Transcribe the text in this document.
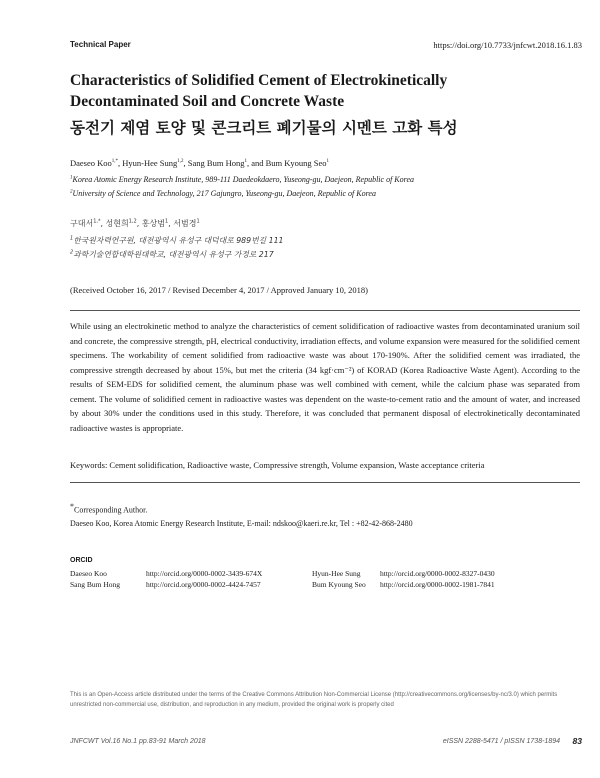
Technical Paper	https://doi.org/10.7733/jnfcwt.2018.16.1.83
Characteristics of Solidified Cement of Electrokinetically Decontaminated Soil and Concrete Waste
동전기 제염 토양 및 콘크리트 폐기물의 시멘트 고화 특성
Daeseo Koo$^{1,*}$, Hyun-Hee Sung$^{1,2}$, Sang Bum Hong$^1$, and Bum Kyoung Seo$^1$
$^1$Korea Atomic Energy Research Institute, 989-111 Daedeokdaero, Yuseong-gu, Daejeon, Republic of Korea
$^2$University of Science and Technology, 217 Gajungro, Yuseong-gu, Daejeon, Republic of Korea
구대서$^{1,*}$, 성현희$^{1,2}$, 홍상범$^1$, 서범경$^1$
$^1$한국원자력연구원, 대전광역시 유성구 대덕대로 989번길 111
$^2$과학기술연합대학원대학교, 대전광역시 유성구 가정로 217
(Received October 16, 2017 / Revised December 4, 2017 / Approved January 10, 2018)
While using an electrokinetic method to analyze the characteristics of cement solidification of radioactive wastes from decontaminated uranium soil and concrete, the compressive strength, pH, electrical conductivity, irradiation effects, and volume expansion were measured for the solidified cement specimens. The workability of cement solidified from radioactive waste was about 170-190%. After the solidified cement was irradiated, the compressive strength decreased by about 15%, but met the criteria (34 kgf·cm⁻²) of KORAD (Korea Radioactive Waste Agent). According to the results of SEM-EDS for solidified cement, the aluminum phase was well combined with cement, while the calcium phase was separated from cement. The volume of solidified cement in radioactive wastes was dependent on the waste-to-cement ratio and the amount of water, and increased by about 30% under the conditions used in this study. Therefore, it was concluded that permanent disposal of electrokinetically decontaminated radioactive wastes is appropriate.
Keywords: Cement solidification, Radioactive waste, Compressive strength, Volume expansion, Waste acceptance criteria
*Corresponding Author.
Daeseo Koo, Korea Atomic Energy Research Institute, E-mail: ndskoo@kaeri.re.kr, Tel : +82-42-868-2480
ORCID
Daeseo Koo	http://orcid.org/0000-0002-3439-674X	Hyun-Hee Sung	http://orcid.org/0000-0002-8327-0430
Sang Bum Hong	http://orcid.org/0000-0002-4424-7457	Bum Kyoung Seo http://orcid.org/0000-0002-1981-7841
This is an Open-Access article distributed under the terms of the Creative Commons Attribution Non-Commercial License (http://creativecommons.org/licenses/by-nc/3.0) which permits unrestricted non-commercial use, distribution, and reproduction in any medium, provided the original work is properly cited
JNFCWT Vol.16 No.1 pp.83-91 March 2018	eISSN 2288-5471 / pISSN 1738-1894 83
